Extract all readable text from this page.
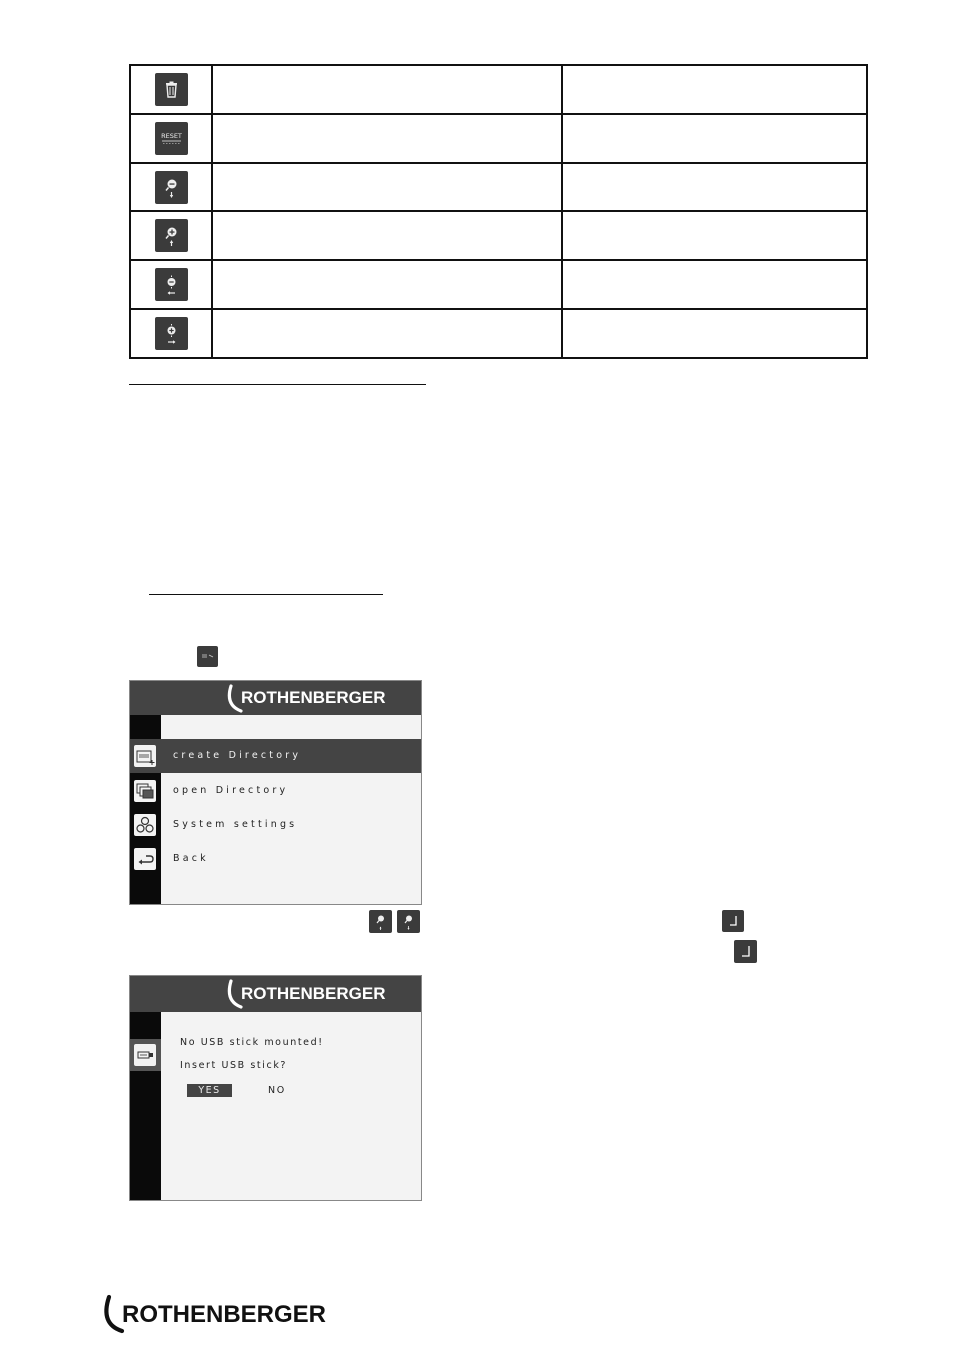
RESET		

ROTHENBERGER
create Directory
open Directory
System settings
Back
ROTHENBERGER
No USB stick mounted!
Insert USB stick?
YES	NO
ROTHENBERGER
